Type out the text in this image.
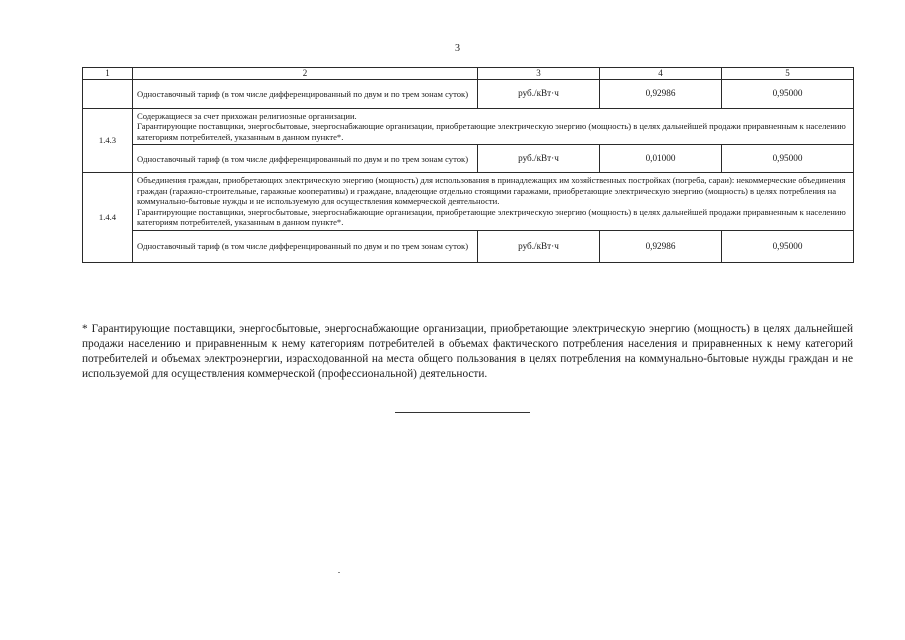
3
1	2	3	4	5
	Одноставочный тариф (в том числе дифференцированный по двум и по трем зонам суток)	руб./кВт·ч	0,92986	0,95000
1.4.3	Содержащиеся за счет прихожан религиозные организации.
Гарантирующие поставщики, энергосбытовые, энергоснабжающие организации, приобретающие электрическую энергию (мощность) в целях дальнейшей продажи приравненным к населению категориям потребителей, указанным в данном пункте*.			

	Одноставочный тариф (в том числе дифференцированный по двум и по трем зонам суток)	руб./кВт·ч	0,01000	0,95000
1.4.4	Объединения граждан, приобретающих электрическую энергию (мощность) для использования в принадлежащих им хозяйственных постройках (погреба, сараи): некоммерческие объединения граждан (гаражно-строительные, гаражные кооперативы) и граждане, владеющие отдельно стоящими гаражами, приобретающие электрическую энергию (мощность) в целях потребления на коммунально-бытовые нужды и не используемую для осуществления коммерческой деятельности.
Гарантирующие поставщики, энергосбытовые, энергоснабжающие организации, приобретающие электрическую энергию (мощность) в целях дальнейшей продажи приравненным к населению категориям потребителей, указанным в данном пункте*.			

	Одноставочный тариф (в том числе дифференцированный по двум и по трем зонам суток)	руб./кВт·ч	0,92986	0,95000
* Гарантирующие поставщики, энергосбытовые, энергоснабжающие организации, приобретающие электрическую энергию (мощность) в целях дальнейшей продажи населению и приравненным к нему категориям потребителей в объемах фактического потребления населения и приравненных к нему категорий потребителей и объемах электроэнергии, израсходованной на места общего пользования в целях потребления на коммунально-бытовые нужды граждан и не используемой для осуществления коммерческой (профессиональной) деятельности.
